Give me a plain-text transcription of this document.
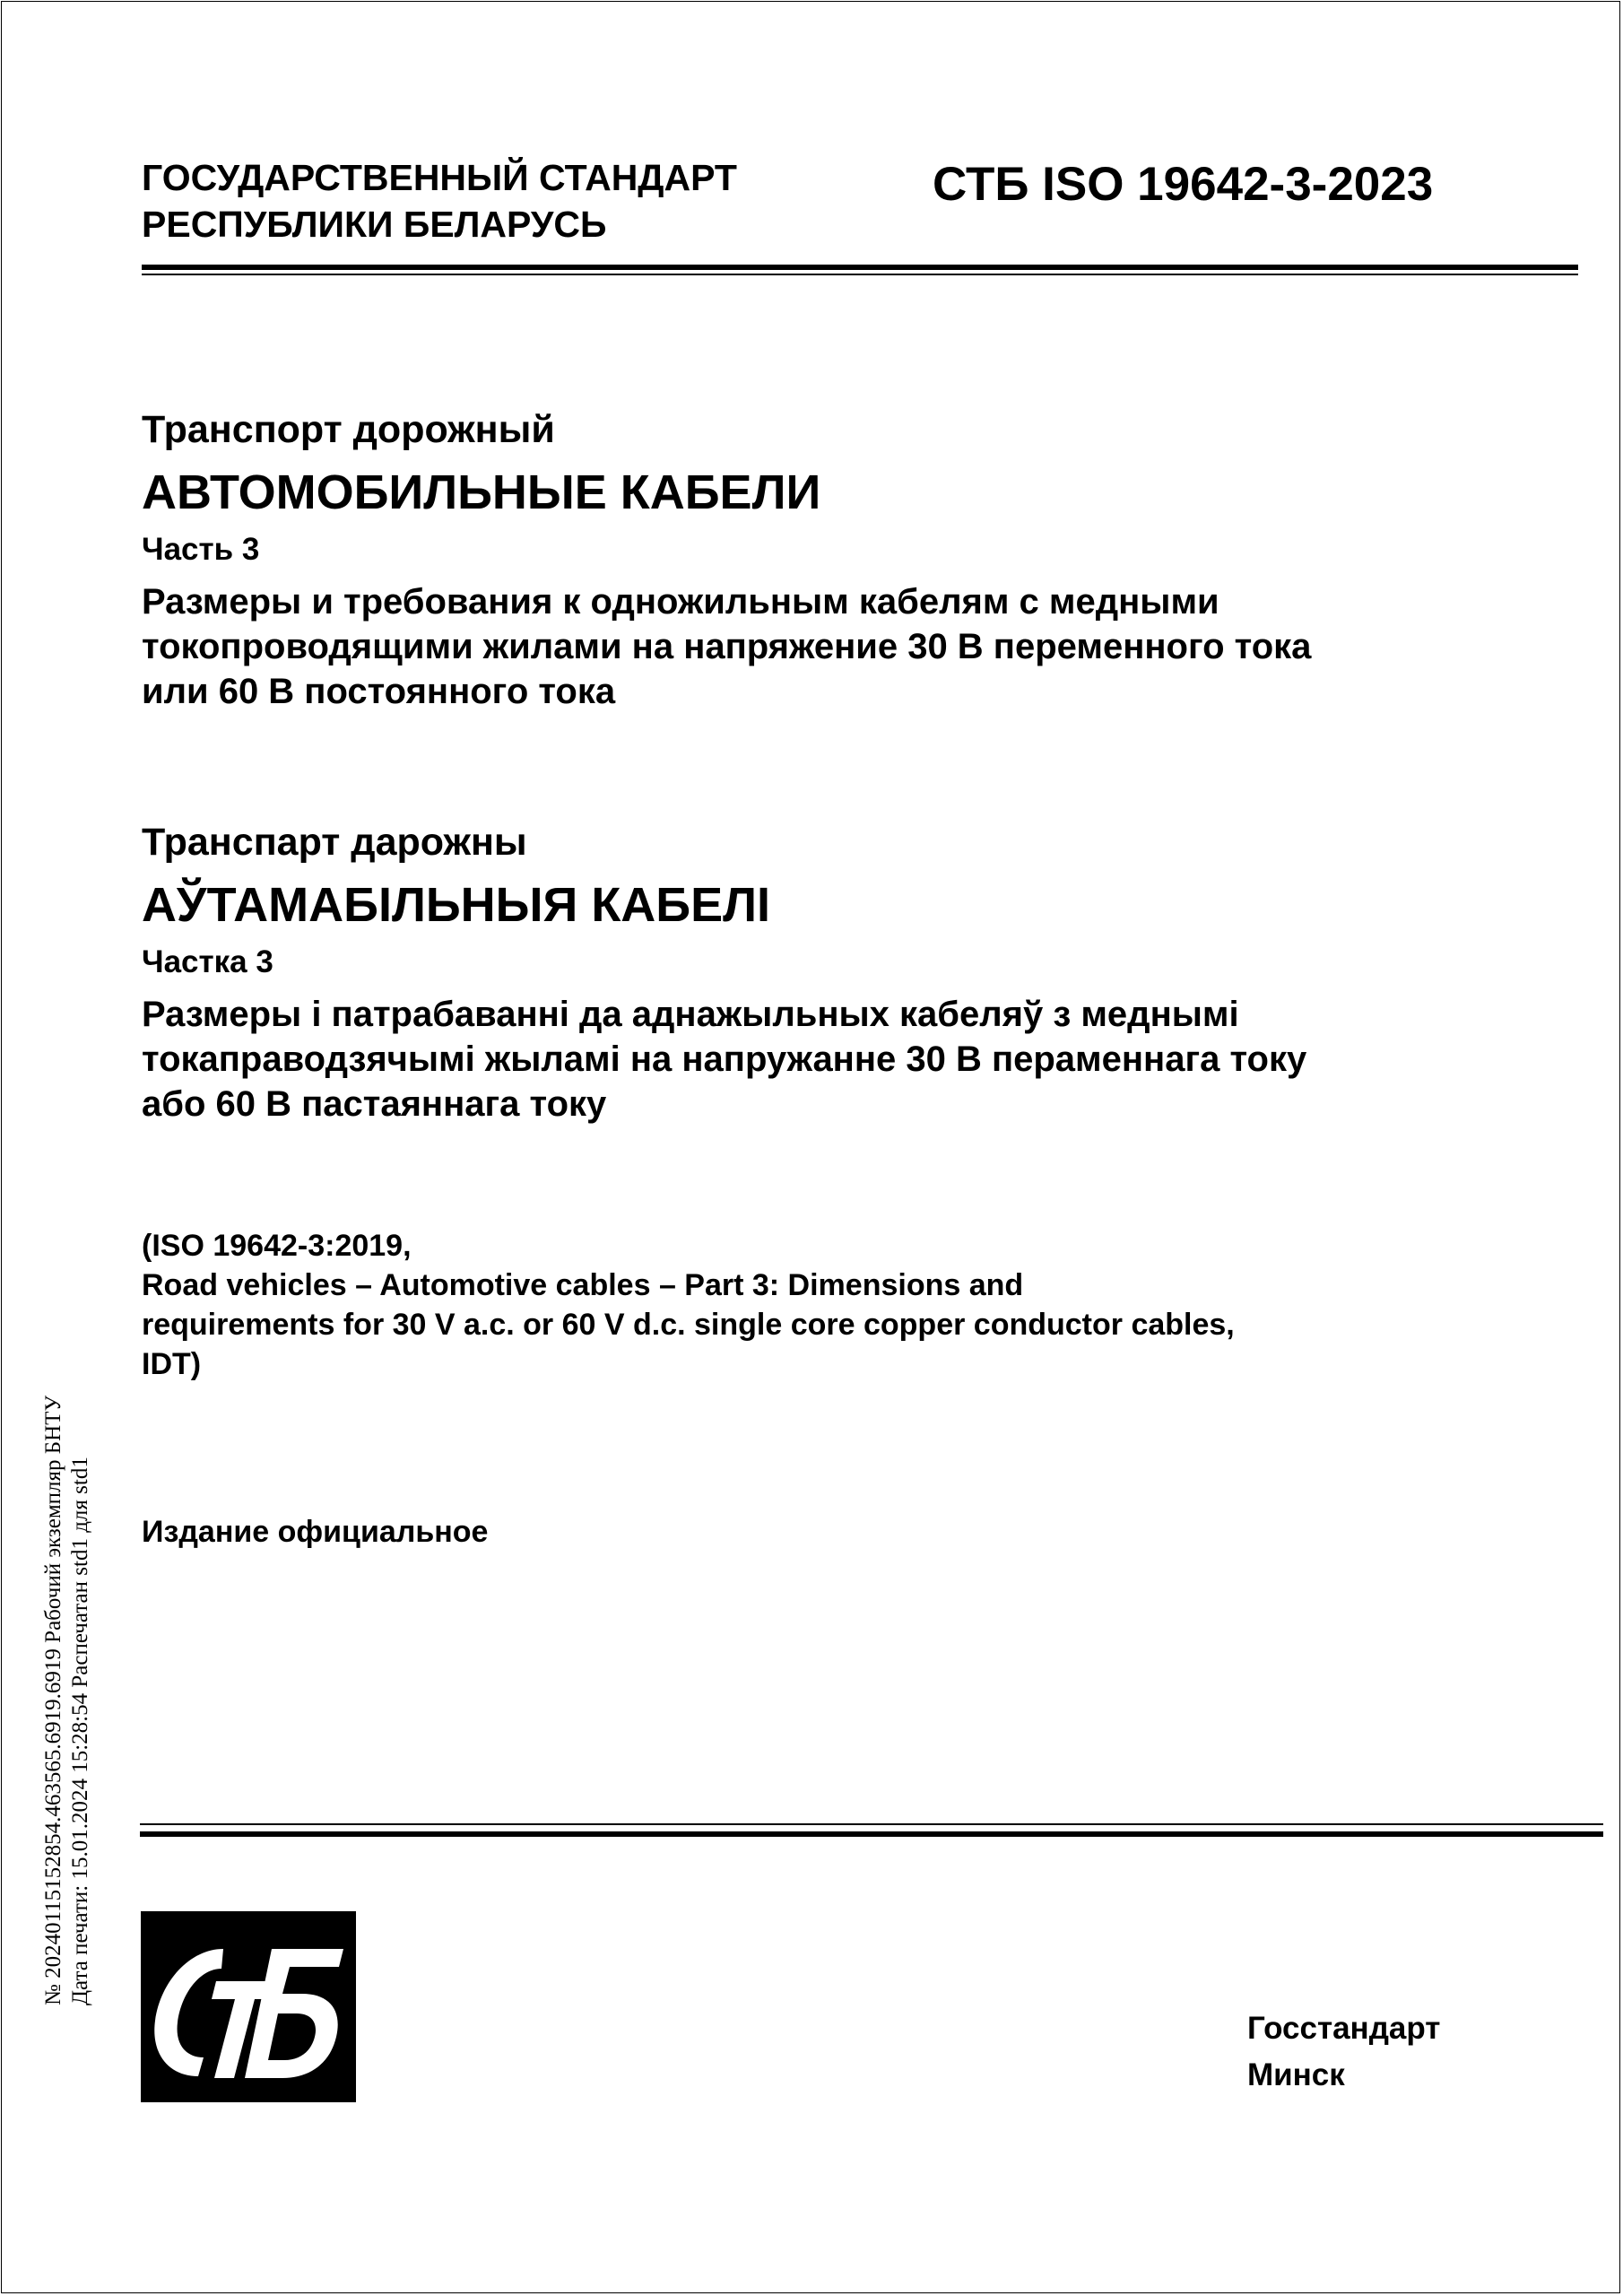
ГОСУДАРСТВЕННЫЙ СТАНДАРТ
РЕСПУБЛИКИ БЕЛАРУСЬ
СТБ ISO 19642-3-2023
Транспорт дорожный
АВТОМОБИЛЬНЫЕ КАБЕЛИ
Часть 3
Размеры и требования к одножильным кабелям с медными
токопроводящими жилами на напряжение 30 В переменного тока
или 60 В постоянного тока
Транспарт дарожны
АЎТАМАБІЛЬНЫЯ КАБЕЛІ
Частка 3
Размеры і патрабаванні да аднажыльных кабеляў з меднымі
токаправодзячымі жыламі на напружанне 30 В пераменнага току
або 60 В пастаяннага току
(ISO 19642-3:2019,
Road vehicles – Automotive cables – Part 3: Dimensions and
requirements for 30 V a.c. or 60 V d.c. single core copper conductor cables,
IDT)
Издание официальное
№ 20240115152854.463565.6919.6919 Рабочий экземпляр БНТУ Дата печати: 15.01.2024 15:28:54 Распечатан std1 для std1
Госстандарт
Минск
